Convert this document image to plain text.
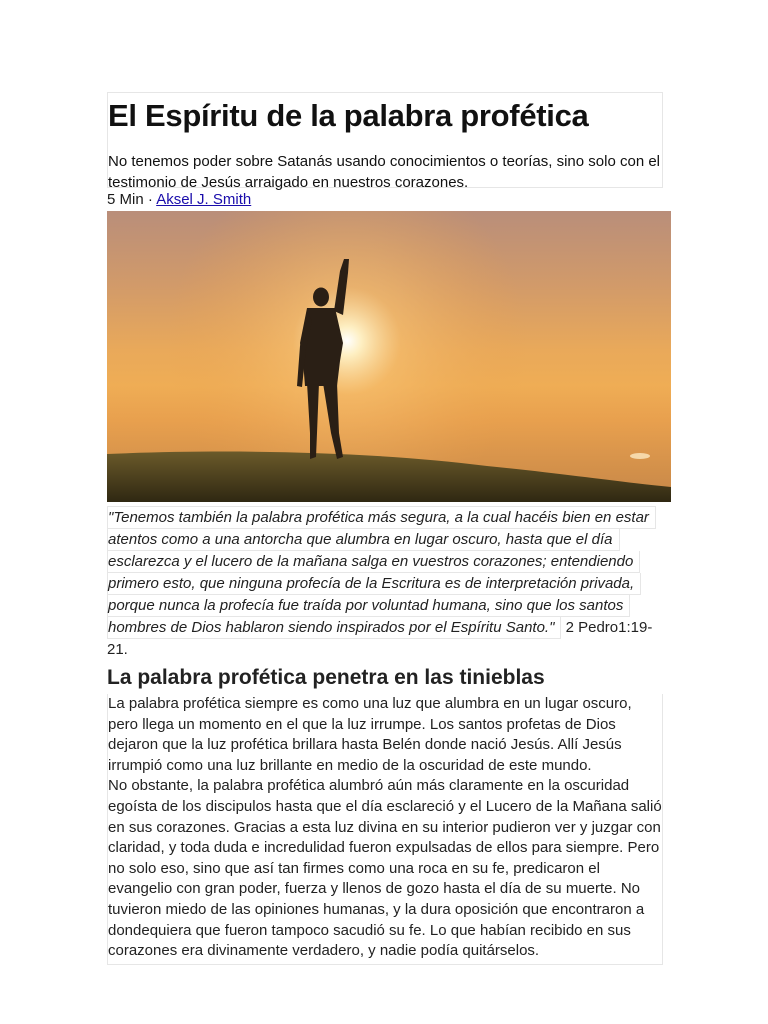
El Espíritu de la palabra profética

No tenemos poder sobre Satanás usando conocimientos o teorías, sino solo con el testimonio de Jesús arraigado en nuestros corazones.

5 Min · Aksel J. Smith
"Tenemos también la palabra profética más segura, a la cual hacéis bien en estar
atentos como a una antorcha que alumbra en lugar oscuro, hasta que el día
esclarezca y el lucero de la mañana salga en vuestros corazones; entendiendo
primero esto, que ninguna profecía de la Escritura es de interpretación privada,
porque nunca la profecía fue traída por voluntad humana, sino que los santos
hombres de Dios hablaron siendo inspirados por el Espíritu Santo." 2 Pedro1:19-21.
La palabra profética penetra en las tinieblas

La palabra profética siempre es como una luz que alumbra en un lugar oscuro, pero llega un momento en el que la luz irrumpe. Los santos profetas de Dios dejaron que la luz profética brillara hasta Belén donde nació Jesús. Allí Jesús irrumpió como una luz brillante en medio de la oscuridad de este mundo.

No obstante, la palabra profética alumbró aún más claramente en la oscuridad egoísta de los discipulos hasta que el día esclareció y el Lucero de la Mañana salió en sus corazones. Gracias a esta luz divina en su interior pudieron ver y juzgar con claridad, y toda duda e incredulidad fueron expulsadas de ellos para siempre. Pero no solo eso, sino que así tan firmes como una roca en su fe, predicaron el evangelio con gran poder, fuerza y llenos de gozo hasta el día de su muerte. No tuvieron miedo de las opiniones humanas, y la dura oposición que encontraron a dondequiera que fueron tampoco sacudió su fe. Lo que habían recibido en sus corazones era divinamente verdadero, y nadie podía quitárselos.
